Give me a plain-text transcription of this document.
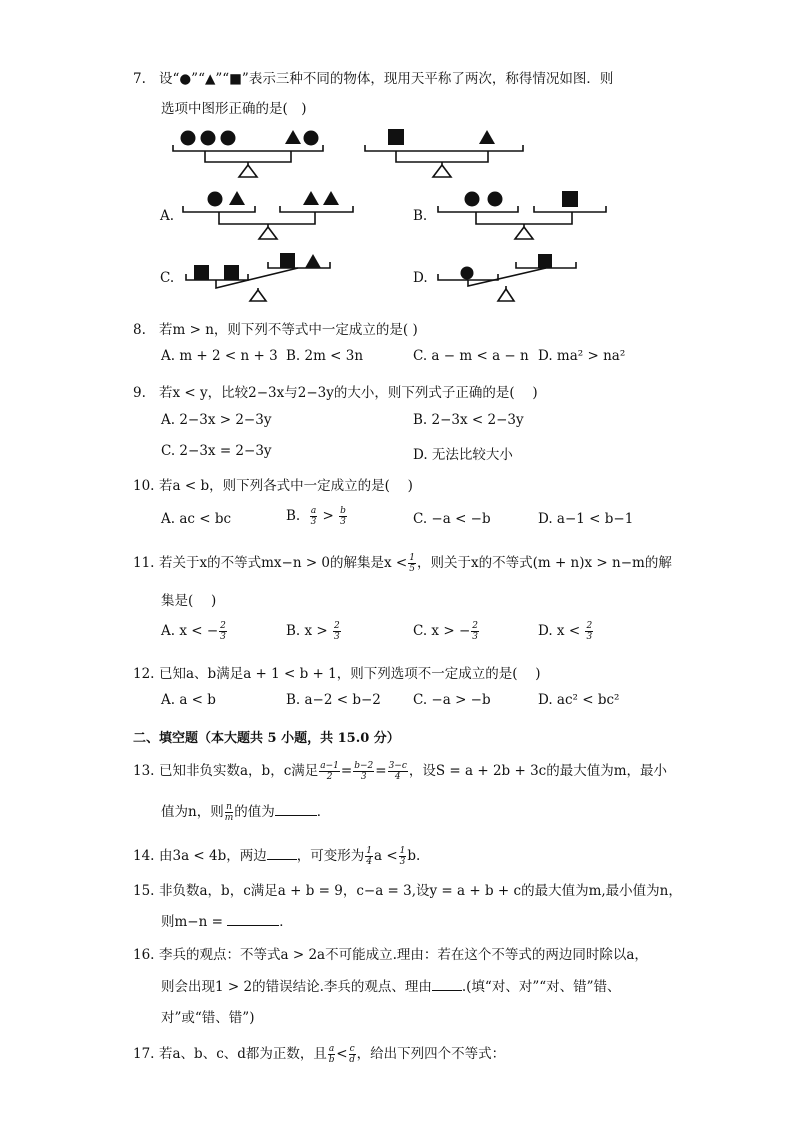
7. 设“●”“▲”“■”表示三种不同的物体，现用天平称了两次，称得情况如图．则
选项中图形正确的是(　)
A.	B.
C.	D.
8. 若m > n，则下列不等式中一定成立的是( )
A. m + 2 < n + 3 B. 2m < 3n	C. a − m < a − n D. ma² > na²
9. 若x < y，比较2−3x与2−3y的大小，则下列式子正确的是(　 )
A. 2−3x > 2−3y	B. 2−3x < 2−3y
C. 2−3x = 2−3y	D. 无法比较大小
10. 若a < b，则下列各式中一定成立的是(　 )
A. ac < bc	B. $\frac{a}{3} > \frac{b}{3}$	C. −a < −b	D. a−1 < b−1
11. 若关于x的不等式mx−n > 0的解集是$x < \frac{1}{5}$ ，则关于x的不等式(m + n)x > n−m的解
集是(　 )
A. x < − $\frac{2}{3}$	B. $x > \frac{2}{3}$	C. x > − $\frac{2}{3}$	D. $x < \frac{2}{3}$
12. 已知a、b满足a + 1 < b + 1，则下列选项不一定成立的是(　 )
A. a < b	B. a−2 < b−2 C. −a > −b	D. ac² < bc²
二、填空题（本大题共 5 小题，共 15.0 分）
13. 已知非负实数a，b，c满足 $\frac{a-1}{2} = \frac{b-2}{3} = \frac{3-c}{4}$ ，设S = a + 2b + 3c的最大值为m，最小
值为n，则 $\frac{n}{m}$ 的值为	．
14. 由3a < 4b，两边 ，可变形为 $\frac{1}{4}$ $a < \frac{1}{3} b$.
15. 非负数a，b，c满足a + b = 9，c−a = 3,设y = a + b + c的最大值为m,最小值为n，
则m−n =	．
16. 李兵的观点：不等式a > 2a不可能成立.理由：若在这个不等式的两边同时除以a，
则会出现1 > 2的错误结论.李兵的观点、理由 .(填“对、对”“对、错”错、
对”或“错、错”)
17. 若a、b、c、d都为正数，且 $\frac{a}{b} < \frac{c}{d}$ ，给出下列四个不等式：
